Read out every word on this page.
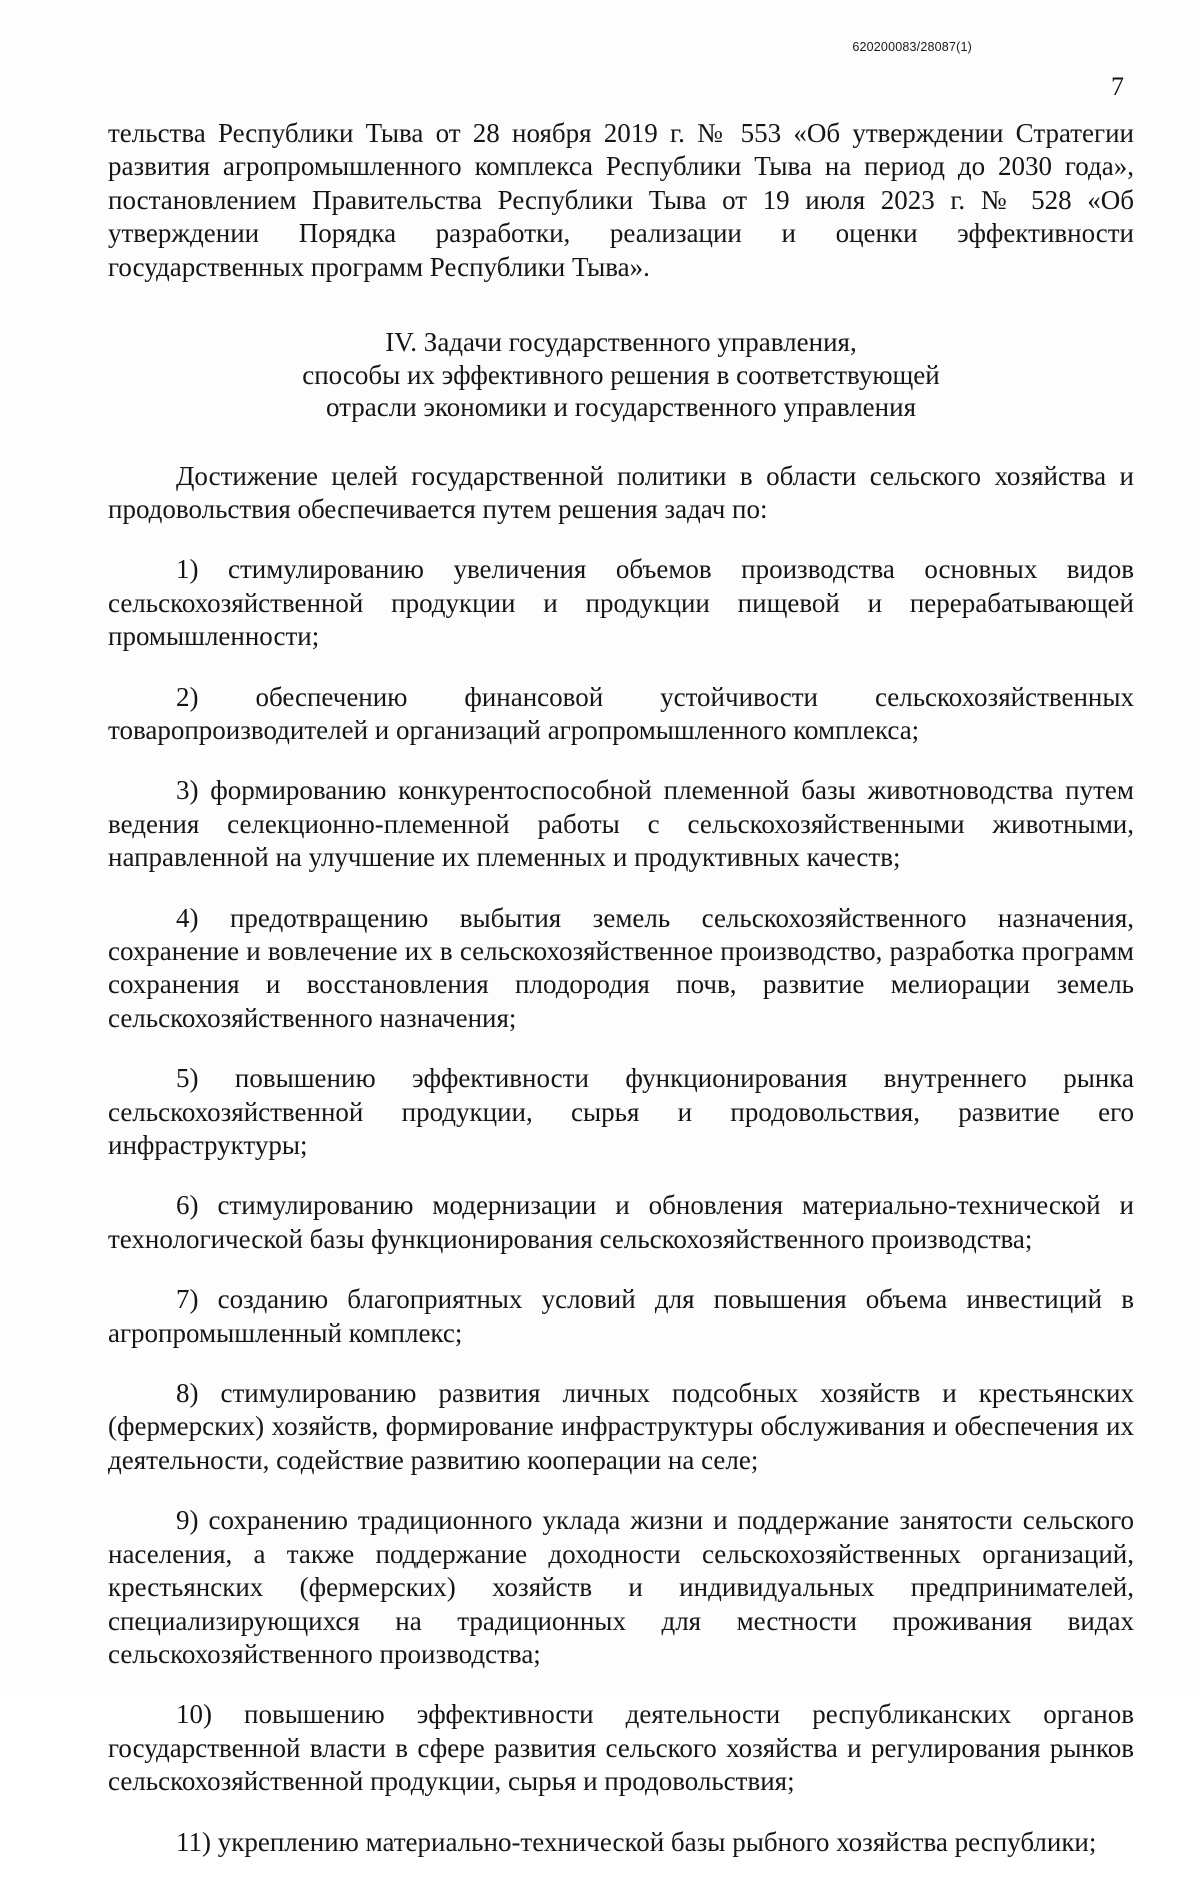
620200083/28087(1)
7

тельства Республики Тыва от 28 ноября 2019 г. № 553 «Об утверждении Стратегии развития агропромышленного комплекса Республики Тыва на период до 2030 года», постановлением Правительства Республики Тыва от 19 июля 2023 г. № 528 «Об утверждении Порядка разработки, реализации и оценки эффективности государственных программ Республики Тыва».

IV. Задачи государственного управления,
способы их эффективного решения в соответствующей
отрасли экономики и государственного управления

Достижение целей государственной политики в области сельского хозяйства и продовольствия обеспечивается путем решения задач по:

1) стимулированию увеличения объемов производства основных видов сельскохозяйственной продукции и продукции пищевой и перерабатывающей промышленности;

2) обеспечению финансовой устойчивости сельскохозяйственных товаропроизводителей и организаций агропромышленного комплекса;

3) формированию конкурентоспособной племенной базы животноводства путем ведения селекционно-племенной работы с сельскохозяйственными животными, направленной на улучшение их племенных и продуктивных качеств;

4) предотвращению выбытия земель сельскохозяйственного назначения, сохранение и вовлечение их в сельскохозяйственное производство, разработка программ сохранения и восстановления плодородия почв, развитие мелиорации земель сельскохозяйственного назначения;

5) повышению эффективности функционирования внутреннего рынка сельскохозяйственной продукции, сырья и продовольствия, развитие его инфраструктуры;

6) стимулированию модернизации и обновления материально-технической и технологической базы функционирования сельскохозяйственного производства;

7) созданию благоприятных условий для повышения объема инвестиций в агропромышленный комплекс;

8) стимулированию развития личных подсобных хозяйств и крестьянских (фермерских) хозяйств, формирование инфраструктуры обслуживания и обеспечения их деятельности, содействие развитию кооперации на селе;

9) сохранению традиционного уклада жизни и поддержание занятости сельского населения, а также поддержание доходности сельскохозяйственных организаций, крестьянских (фермерских) хозяйств и индивидуальных предпринимателей, специализирующихся на традиционных для местности проживания видах сельскохозяйственного производства;

10) повышению эффективности деятельности республиканских органов государственной власти в сфере развития сельского хозяйства и регулирования рынков сельскохозяйственной продукции, сырья и продовольствия;

11) укреплению материально-технической базы рыбного хозяйства республики;
